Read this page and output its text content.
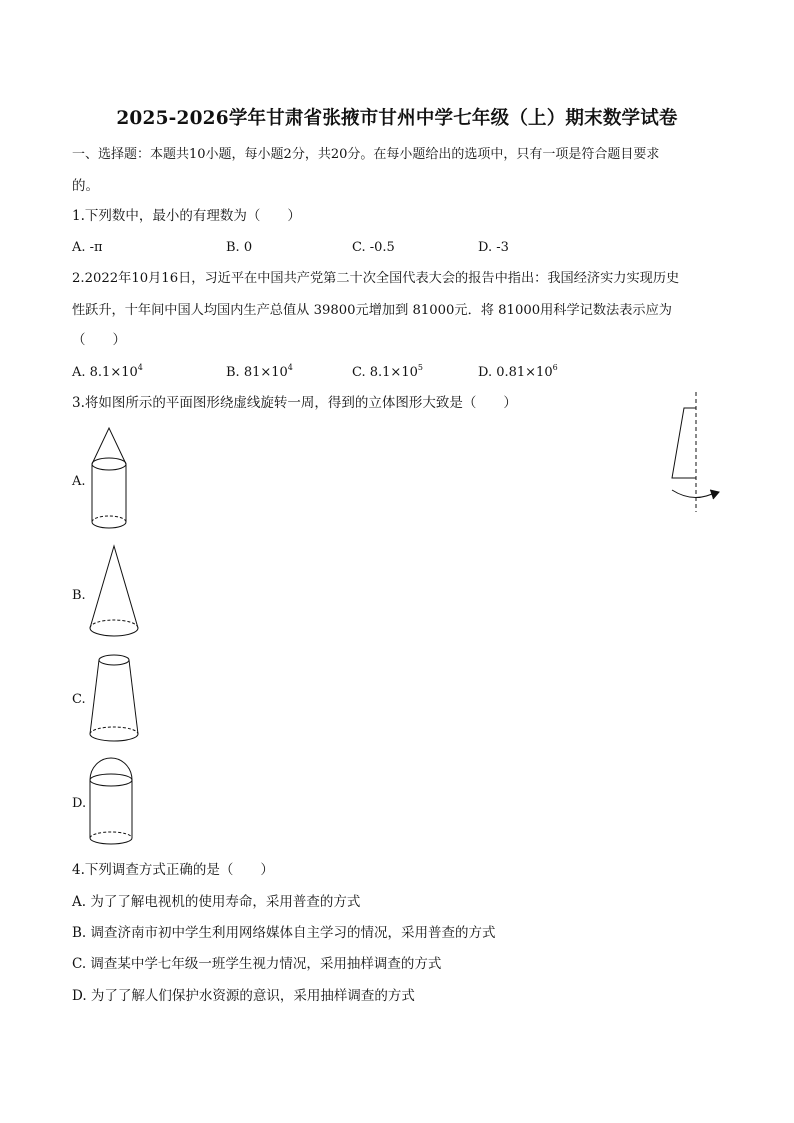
2025-2026学年甘肃省张掖市甘州中学七年级（上）期末数学试卷
一、选择题：本题共10小题，每小题2分，共20分。在每小题给出的选项中，只有一项是符合题目要求
的。
1.下列数中，最小的有理数为（　　）
A. -π	B. 0	C. -0.5	D. -3
2.2022年10月16日，习近平在中国共产党第二十次全国代表大会的报告中指出：我国经济实力实现历史
性跃升，十年间中国人均国内生产总值从 39800元增加到 81000元．将 81000用科学记数法表示应为
（　　）
A. $8.1\times 10^4$	B. $81\times 10^4$	C. $8.1\times 10^5$	D. $0.81\times 10^6$
3.将如图所示的平面图形绕虚线旋转一周，得到的立体图形大致是（　　）
A.
B.
C.
D.
4.下列调查方式正确的是（　　）
A. 为了了解电视机的使用寿命，采用普查的方式
B. 调查济南市初中学生利用网络媒体自主学习的情况，采用普查的方式
C. 调查某中学七年级一班学生视力情况，采用抽样调查的方式
D. 为了了解人们保护水资源的意识，采用抽样调查的方式
